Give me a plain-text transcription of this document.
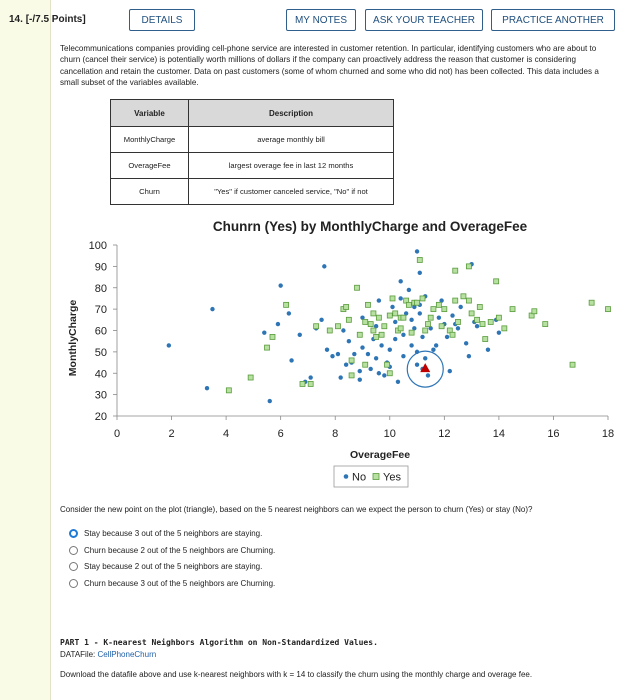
14. [-/7.5 Points]	DETAILS	MY NOTES	ASK YOUR TEACHER	PRACTICE ANOTHER
Telecommunications companies providing cell-phone service are interested in customer retention. In particular, identifying customers who are about to churn (cancel their service) is potentially worth millions of dollars if the company can proactively address the reason that customer is considering cancellation and retain the customer. Data on past customers (some of whom churned and some who did not) has been collected. This data includes a small subset of the variables available.
Variable	Description
MonthlyCharge	average monthly bill
OverageFee	largest overage fee in last 12 months
Churn	"Yes" if customer canceled service, "No" if not
Chunrn (Yes) by MonthlyCharge and OverageFee
20
30
40
50
60
70
80
90
100
0	2	4	6	8	10	12	14	16	18
MonthlyCharge
OverageFee
No Yes
Consider the new point on the plot (triangle), based on the 5 nearest neighbors can we expect the person to churn (Yes) or stay (No)?
Stay because 3 out of the 5 neighbors are staying.
Churn because 2 out of the 5 neighbors are Churning.
Stay because 2 out of the 5 neighbors are staying.
Churn because 3 out of the 5 neighbors are Churning.
PART 1 - K-nearest Neighbors Algorithm on Non-Standardized Values.
DATAFile: CellPhoneChurn
Download the datafile above and use k-nearest neighbors with k = 14 to classify the churn using the monthly charge and overage fee.
